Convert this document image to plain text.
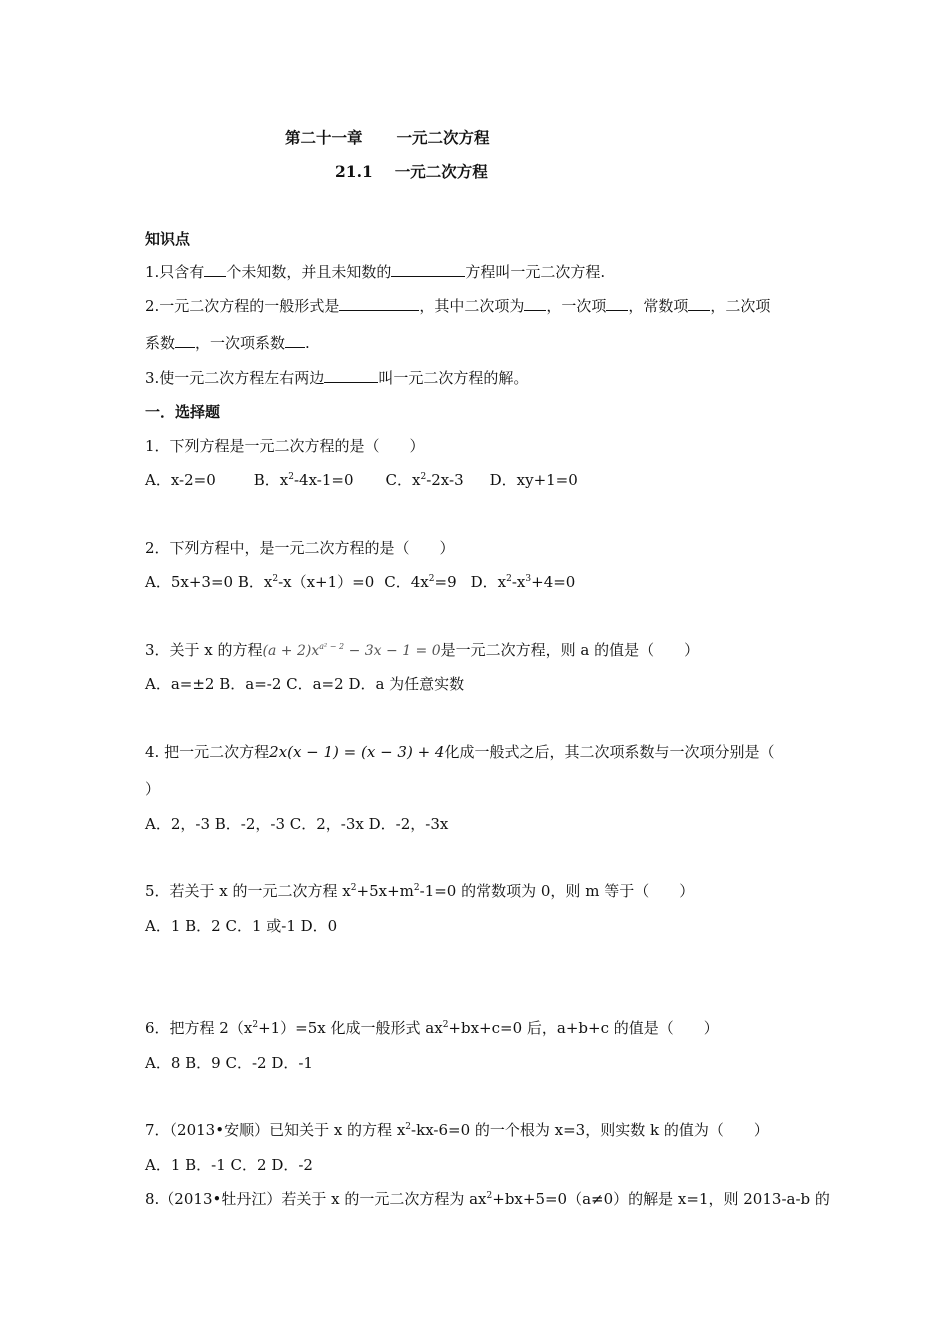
第二十一章 一元二次方程
21.1 一元二次方程
知识点
1.只含有 个未知数，并且未知数的	方程叫一元二次方程.
2.一元二次方程的一般形式是	，其中二次项为 ，一次项 ，常数项 ，二次项
系数 ，一次项系数 .
3.使一元二次方程左右两边	叫一元二次方程的解。
一．选择题
1．下列方程是一元二次方程的是（　　）
A．x-2=0	B．$x^2-4x-1=0$ C．$x^2-2x-3$ D．xy+1=0
2．下列方程中，是一元二次方程的是（　　）
A．5x+3=0 B．$x^2-x(x+1)=0$ C．$4x^2=9$ D．$x^2-x^3+4=0$
3．关于 x 的方程$(a + 2)x^{a^2 - 2} - 3x - 1 = 0$是一元二次方程，则 a 的值是（　　）
A．a=±2 B．a=-2 C．a=2 D．a 为任意实数
4. 把一元二次方程2x(x − 1) = (x − 3) + 4化成一般式之后，其二次项系数与一次项分别是（
）
A．2，-3 B．-2，-3 C．2，-3x D．-2，-3x
5．若关于 x 的一元二次方程 $x^2+5x+m^2-1=0$ 的常数项为 0，则 m 等于（　　）
A．1 B．2 C．1 或-1 D．0
6．把方程 $2(x^2+1)=5x$ 化成一般形式 $ax^2+bx+c=0$ 后，a+b+c 的值是（　　）
A．8 B．9 C．-2 D．-1
7．（2013•安顺）已知关于 x 的方程 $x^2-kx-6=0$ 的一个根为 x=3，则实数 k 的值为（　　）
A．1 B．-1 C．2 D．-2
8.（2013•牡丹江）若关于 x 的一元二次方程为 $ax^2+bx+5=0(a\ne 0)$的解是 x=1，则 2013-a-b 的
